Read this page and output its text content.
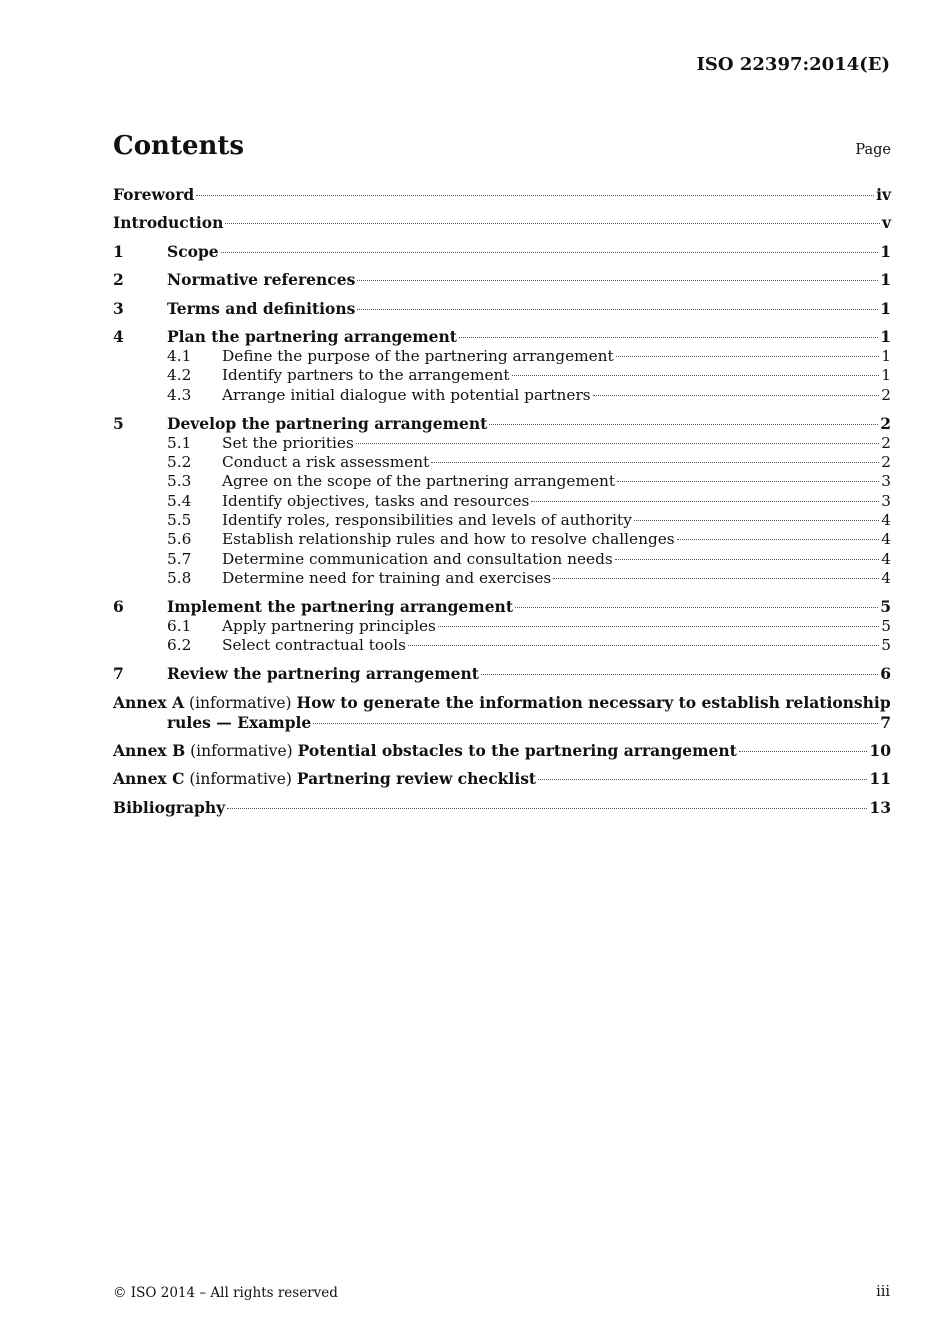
ISO 22397:2014(E)
Contents	Page
Foreword	iv
Introduction	v
1	Scope	1
2	Normative references	1
3	Terms and definitions	1
4	Plan the partnering arrangement	1
4.1	Define the purpose of the partnering arrangement	1
4.2	Identify partners to the arrangement	1
4.3	Arrange initial dialogue with potential partners	2
5	Develop the partnering arrangement	2
5.1	Set the priorities	2
5.2	Conduct a risk assessment	2
5.3	Agree on the scope of the partnering arrangement	3
5.4	Identify objectives, tasks and resources	3
5.5	Identify roles, responsibilities and levels of authority	4
5.6	Establish relationship rules and how to resolve challenges	4
5.7	Determine communication and consultation needs	4
5.8	Determine need for training and exercises	4
6	Implement the partnering arrangement	5
6.1	Apply partnering principles	5
6.2	Select contractual tools	5
7	Review the partnering arrangement	6
Annex A (informative) How to generate the information necessary to establish relationship
rules — Example	7
Annex B (informative) Potential obstacles to the partnering arrangement	10
Annex C (informative) Partnering review checklist	11
Bibliography	13
© ISO 2014 – All rights reserved	iii
